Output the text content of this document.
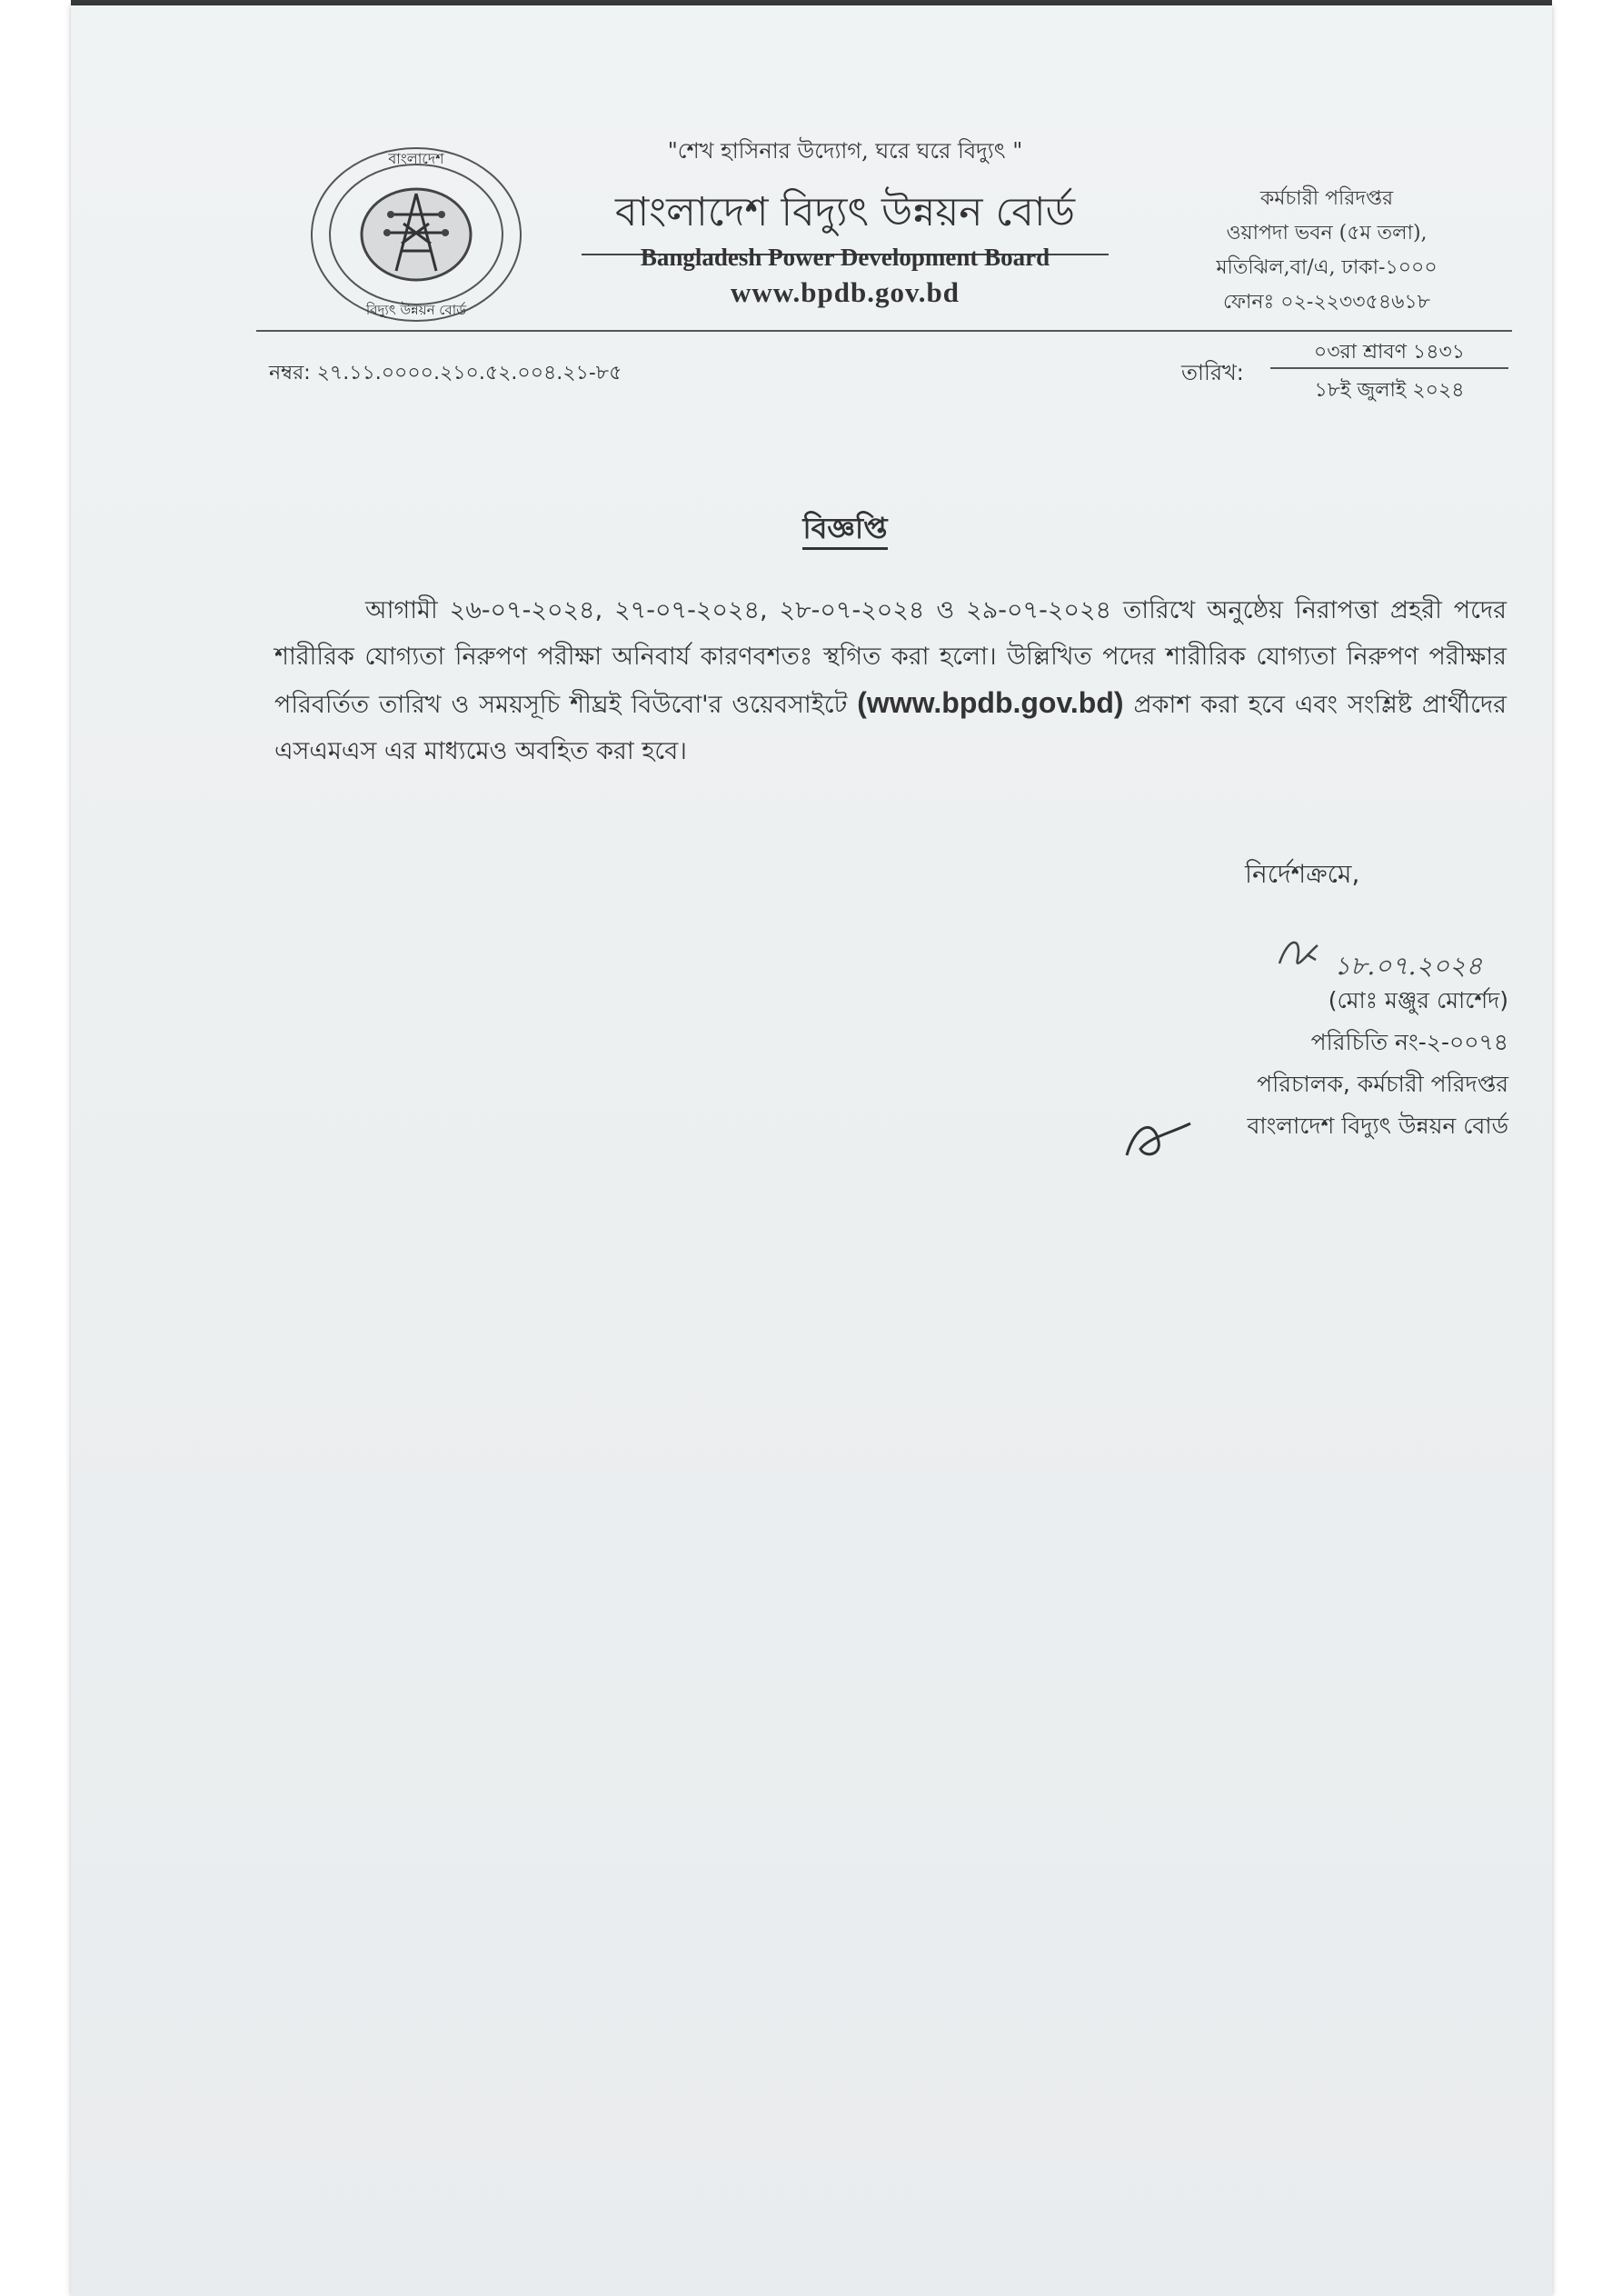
বাংলাদেশ
বিদ্যুৎ উন্নয়ন বোর্ড
"শেখ হাসিনার উদ্যোগ, ঘরে ঘরে বিদ্যুৎ "
বাংলাদেশ বিদ্যুৎ উন্নয়ন বোর্ড
Bangladesh Power Development Board
www.bpdb.gov.bd
কর্মচারী পরিদপ্তর
ওয়াপদা ভবন (৫ম তলা),
মতিঝিল,বা/এ, ঢাকা-১০০০
ফোনঃ ০২-২২৩৩৫৪৬১৮
নম্বর: ২৭.১১.০০০০.২১০.৫২.০০৪.২১-৮৫	তারিখ:
০৩রা শ্রাবণ ১৪৩১
১৮ই জুলাই ২০২৪
বিজ্ঞপ্তি
আগামী ২৬-০৭-২০২৪, ২৭-০৭-২০২৪, ২৮-০৭-২০২৪ ও ২৯-০৭-২০২৪ তারিখে অনুষ্ঠেয় নিরাপত্তা প্রহরী পদের শারীরিক যোগ্যতা নিরুপণ পরীক্ষা অনিবার্য কারণবশতঃ স্থগিত করা হলো। উল্লিখিত পদের শারীরিক যোগ্যতা নিরুপণ পরীক্ষার পরিবর্তিত তারিখ ও সময়সূচি শীঘ্রই বিউবো'র ওয়েবসাইটে (www.bpdb.gov.bd) প্রকাশ করা হবে এবং সংশ্লিষ্ট প্রার্থীদের এসএমএস এর মাধ্যমেও অবহিত করা হবে।
নির্দেশক্রমে,
১৮.০৭.২০২৪
(মোঃ মঞ্জুর মোর্শেদ)
পরিচিতি নং-২-০০৭৪
পরিচালক, কর্মচারী পরিদপ্তর
বাংলাদেশ বিদ্যুৎ উন্নয়ন বোর্ড
